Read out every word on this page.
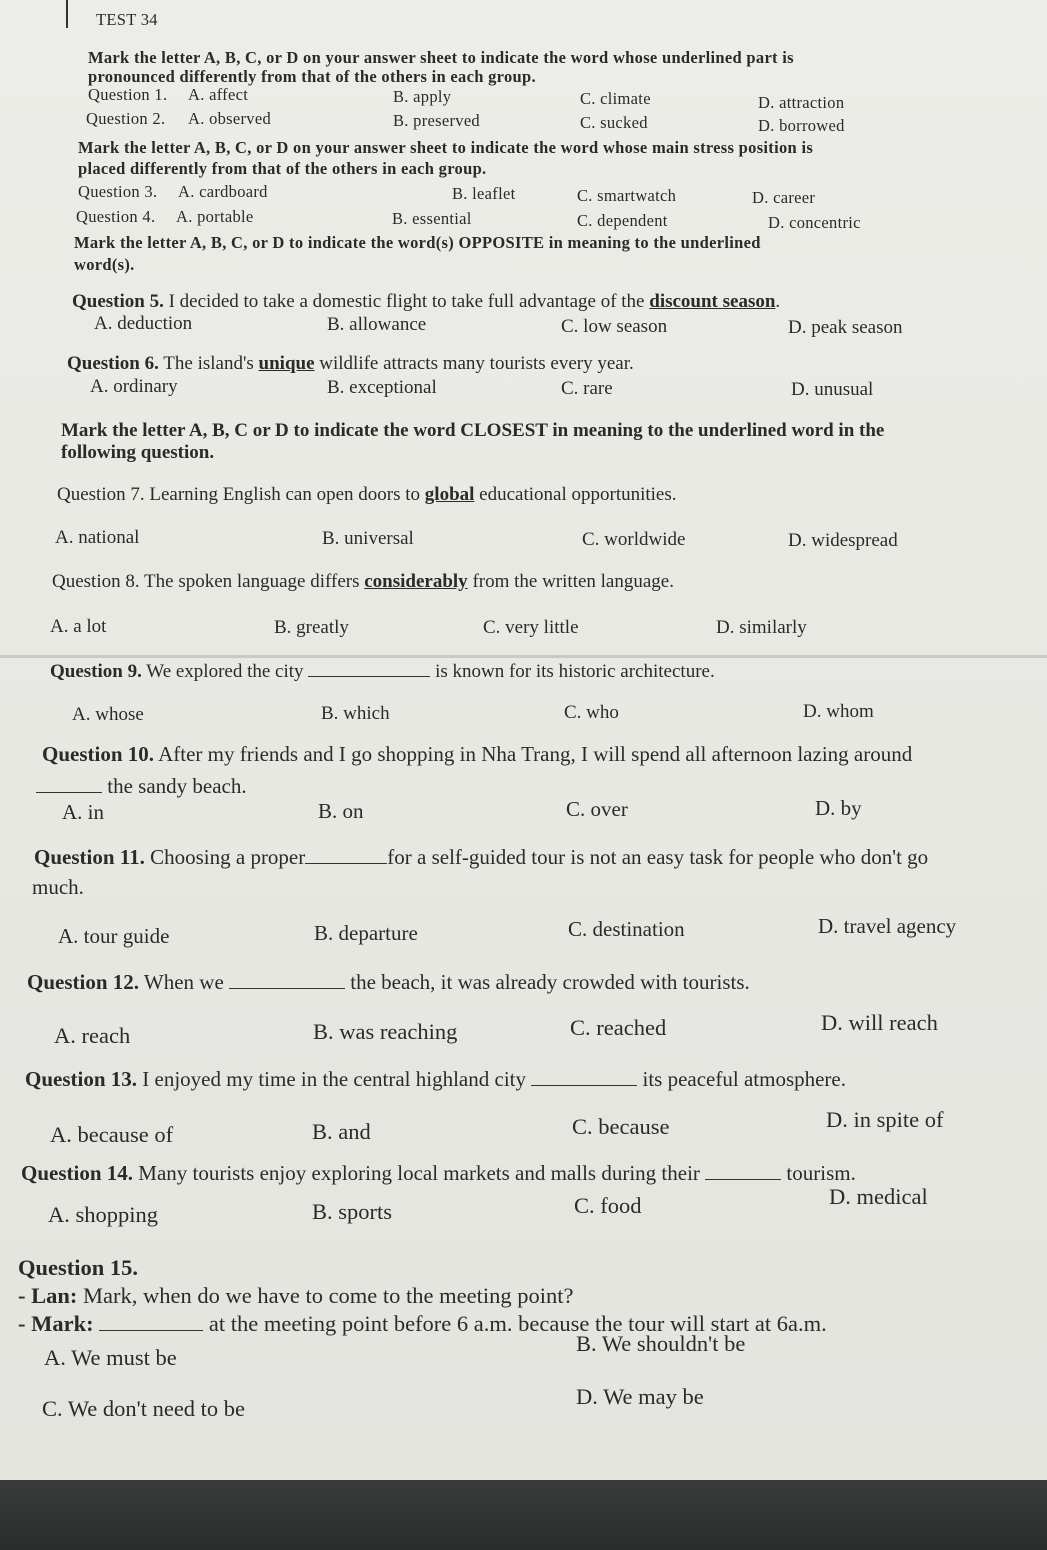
TEST 34
Mark the letter A, B, C, or D on your answer sheet to indicate the word whose underlined part is
pronounced differently from that of the others in each group.
Question 1. A. affect	B. apply	C. climate	D. attraction
Question 2. A. observed	B. preserved	C. sucked	D. borrowed
Mark the letter A, B, C, or D on your answer sheet to indicate the word whose main stress position is
placed differently from that of the others in each group.
Question 3. A. cardboard	B. leaflet	C. smartwatch	D. career
Question 4. A. portable	B. essential	C. dependent	D. concentric
Mark the letter A, B, C, or D to indicate the word(s) OPPOSITE in meaning to the underlined
word(s).
Question 5. I decided to take a domestic flight to take full advantage of the discount season.
A. deduction	B. allowance	C. low season	D. peak season
Question 6. The island's unique wildlife attracts many tourists every year.
A. ordinary	B. exceptional	C. rare	D. unusual
Mark the letter A, B, C or D to indicate the word CLOSEST in meaning to the underlined word in the
following question.
Question 7. Learning English can open doors to global educational opportunities.
A. national	B. universal	C. worldwide	D. widespread
Question 8. The spoken language differs considerably from the written language.
A. a lot	B. greatly	C. very little	D. similarly
Question 9. We explored the city	is known for its historic architecture.
A. whose	B. which	C. who	D. whom
Question 10. After my friends and I go shopping in Nha Trang, I will spend all afternoon lazing around
the sandy beach.
A. in	B. on	C. over	D. by
Question 11. Choosing a proper	for a self-guided tour is not an easy task for people who don't go
much.
A. tour guide	B. departure	C. destination	D. travel agency
Question 12. When we	the beach, it was already crowded with tourists.
A. reach	B. was reaching	C. reached	D. will reach
Question 13. I enjoyed my time in the central highland city	its peaceful atmosphere.
A. because of	B. and	C. because	D. in spite of
Question 14. Many tourists enjoy exploring local markets and malls during their	tourism.
A. shopping	B. sports	C. food	D. medical
Question 15.
- Lan: Mark, when do we have to come to the meeting point?
- Mark:	at the meeting point before 6 a.m. because the tour will start at 6a.m.
A. We must be
B. We shouldn't be
C. We don't need to be	D. We may be
